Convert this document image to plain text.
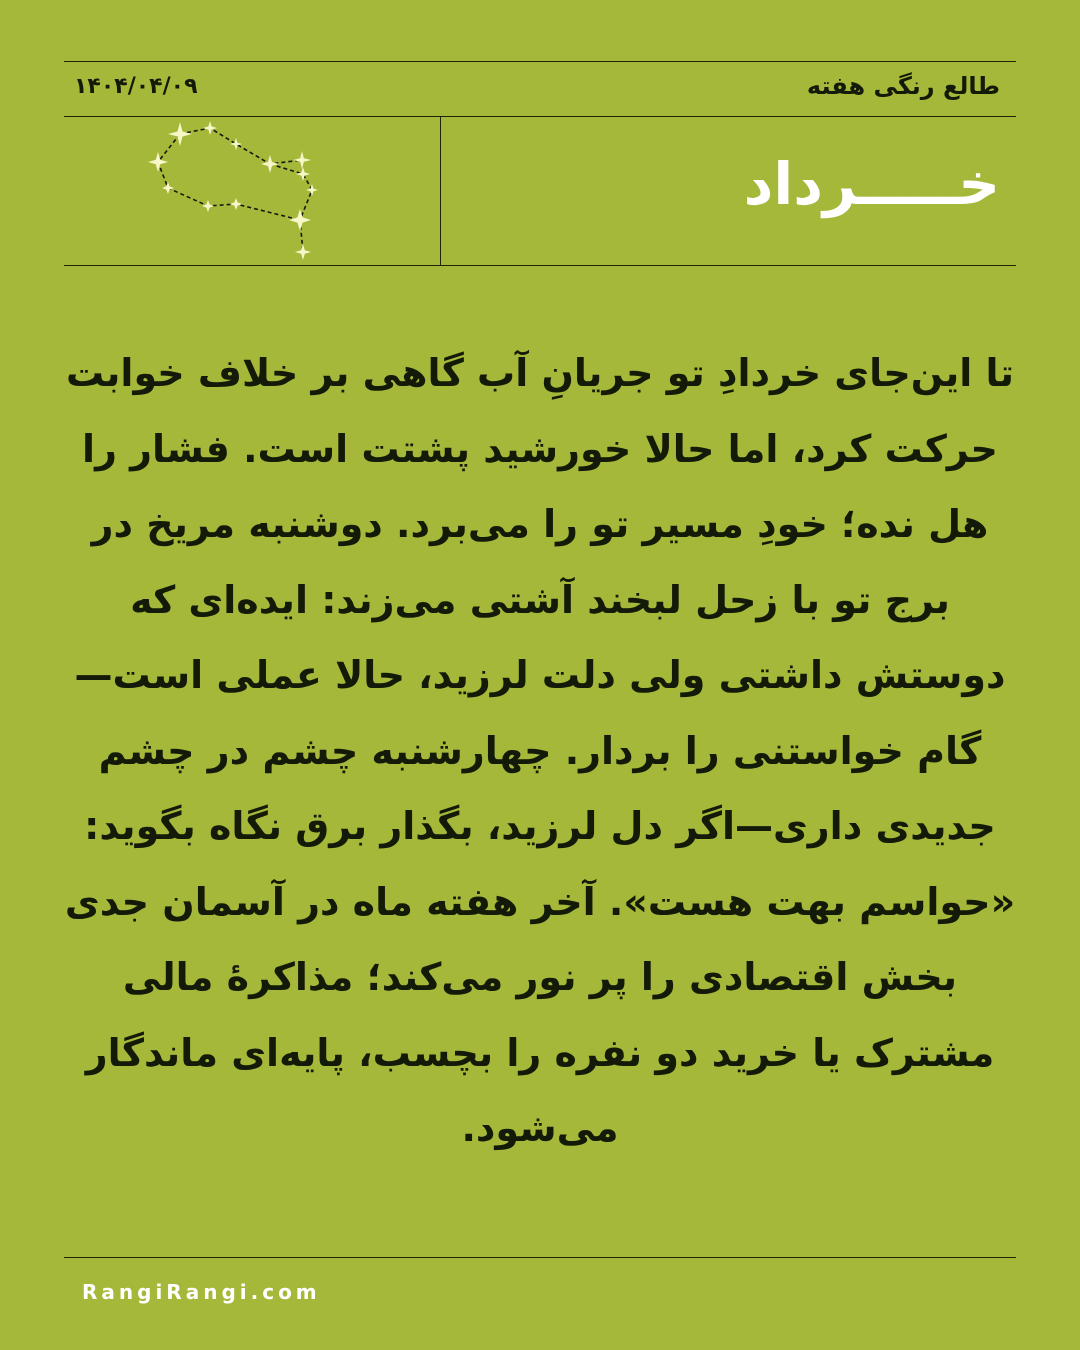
طالع رنگی هفته
۱۴۰۴/۰۴/۰۹
خـــــرداد
تا این‌جای خردادِ تو جریانِ آب گاهی بر خلاف خوابت حرکت کرد، اما حالا خورشید پشتت است. فشار را هل نده؛ خودِ مسیر تو را می‌برد. دوشنبه مریخ در برج تو با زحل لبخند آشتی می‌زند: ایده‌ای که دوستش داشتی ولی دلت لرزید، حالا عملی است—گام خواستنی را بردار. چهارشنبه چشم در چشم جدیدی داری—اگر دل لرزید، بگذار برق نگاه بگوید: «حواسم بهت هست». آخر هفته ماه در آسمان جدی بخش اقتصادی را پر نور می‌کند؛ مذاکرهٔ مالی مشترک یا خرید دو نفره را بچسب، پایه‌ای ماندگار می‌شود.
RangiRangi.com
